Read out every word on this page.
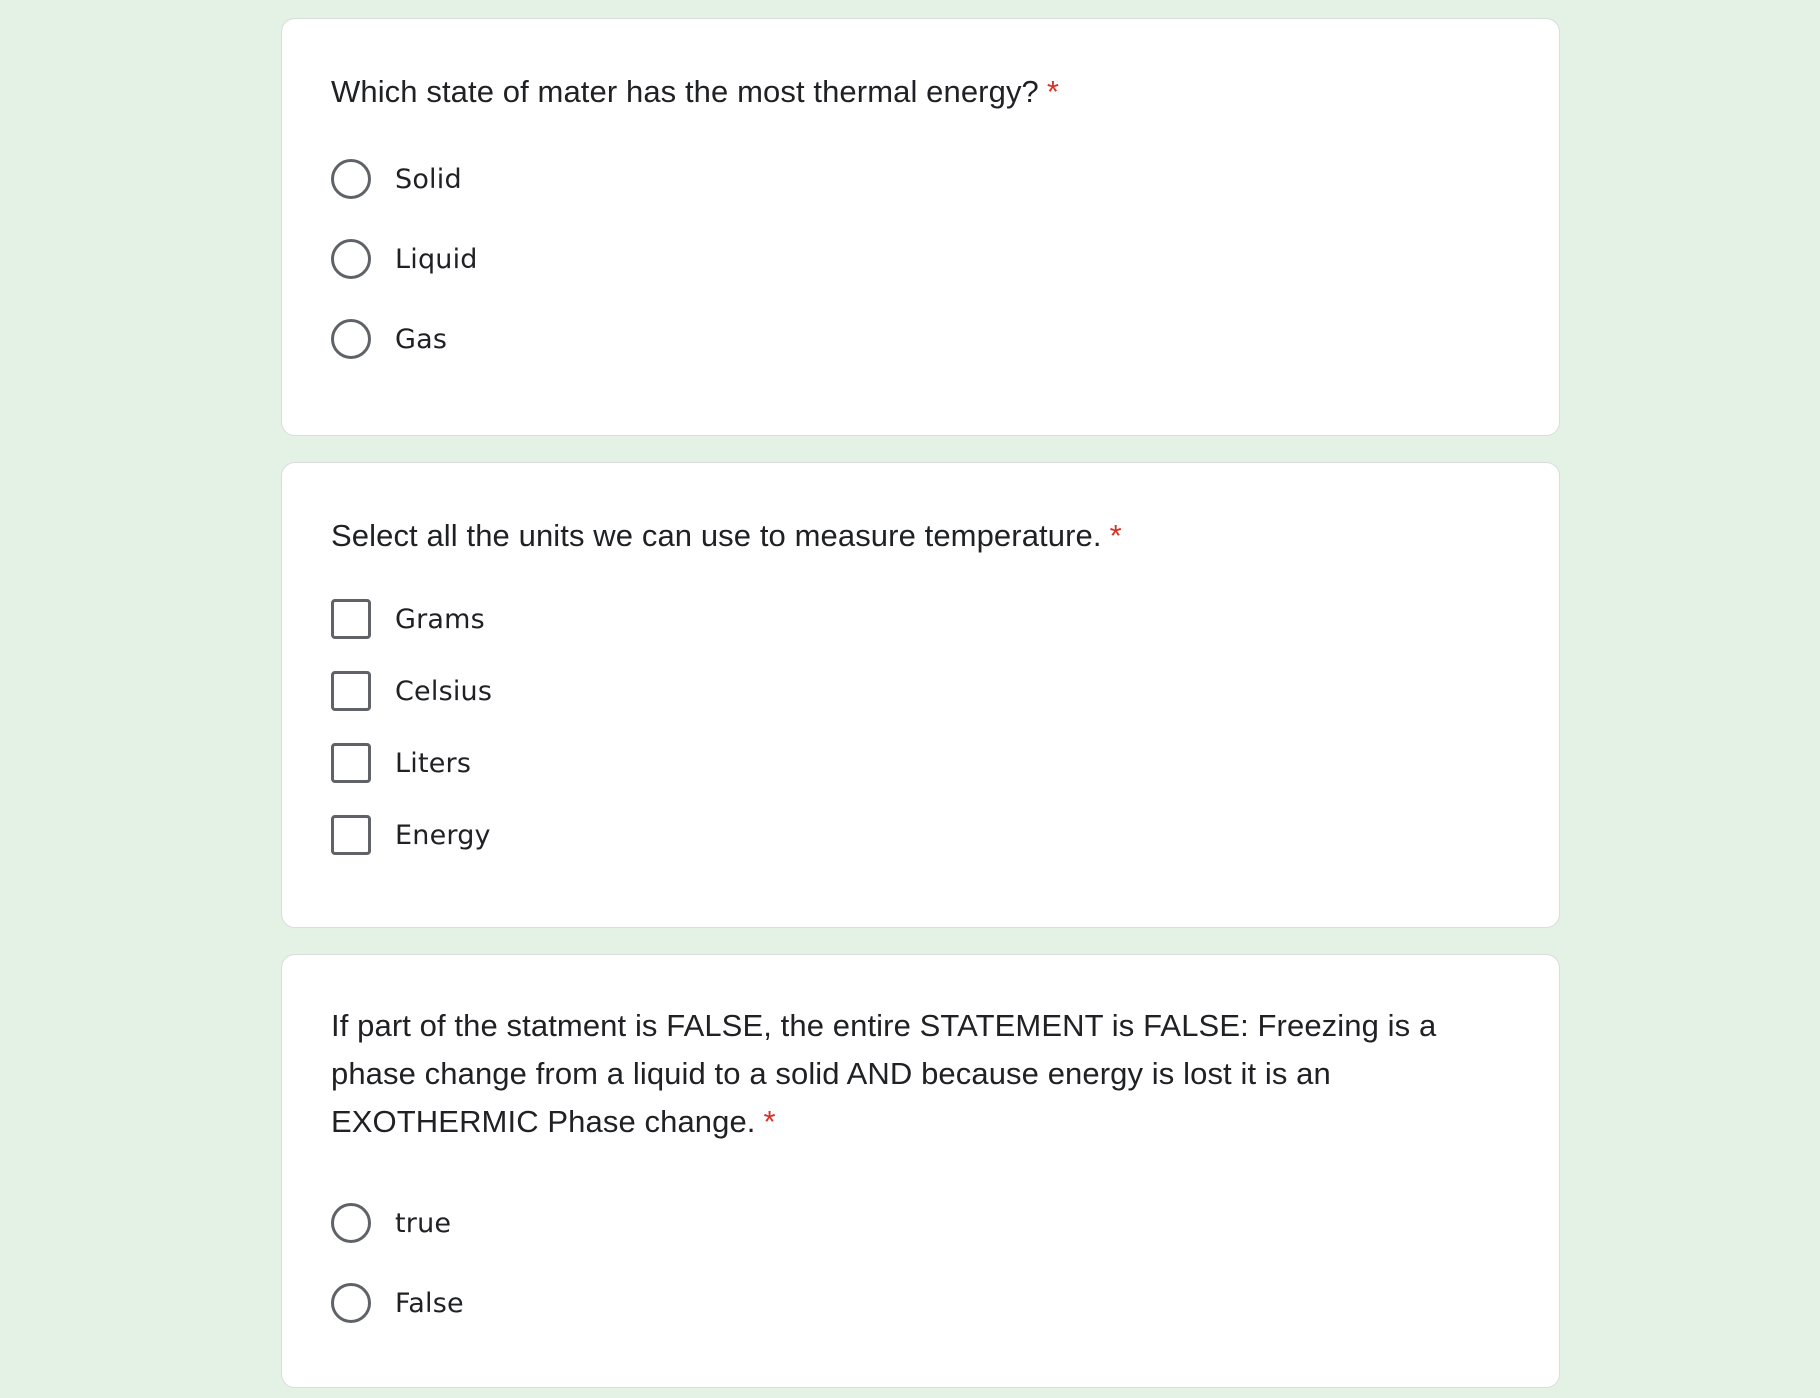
Which state of mater has the most thermal energy? *
Solid
Liquid
Gas
Select all the units we can use to measure temperature. *
Grams
Celsius
Liters
Energy
If part of the statment is FALSE, the entire STATEMENT is FALSE: Freezing is a phase change from a liquid to a solid AND because energy is lost it is an EXOTHERMIC Phase change. *
true
False
